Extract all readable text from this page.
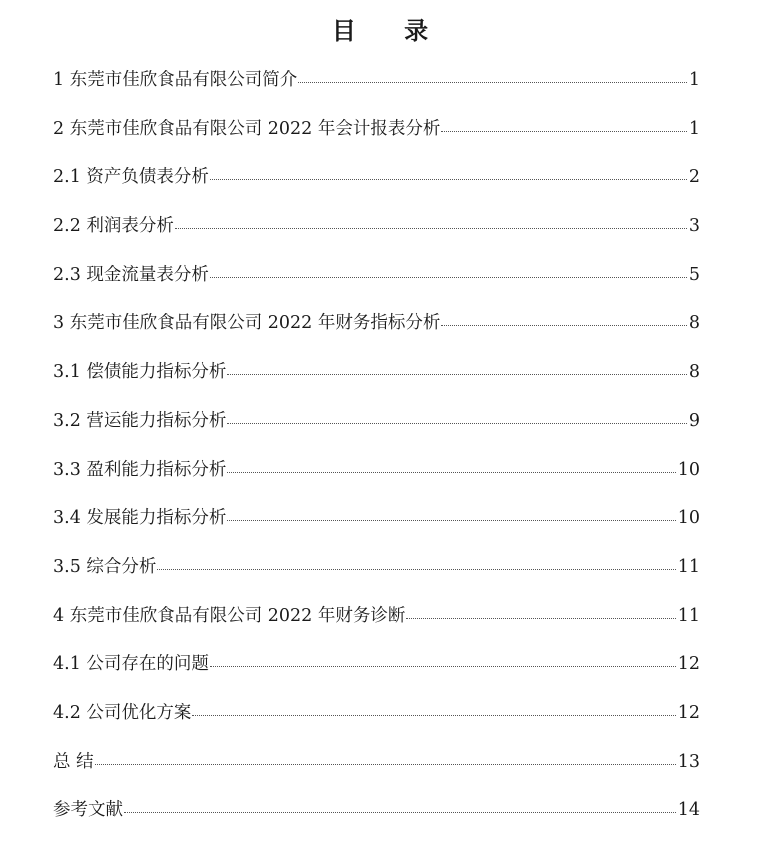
目 录
1 东莞市佳欣食品有限公司简介	1
2 东莞市佳欣食品有限公司 2022 年会计报表分析	1
2.1 资产负债表分析	2
2.2 利润表分析	3
2.3 现金流量表分析	5
3 东莞市佳欣食品有限公司 2022 年财务指标分析	8
3.1 偿债能力指标分析	8
3.2 营运能力指标分析	9
3.3 盈利能力指标分析	10
3.4 发展能力指标分析	10
3.5 综合分析	11
4 东莞市佳欣食品有限公司 2022 年财务诊断	11
4.1 公司存在的问题	12
4.2 公司优化方案	12
总 结	13
参考文献	14
